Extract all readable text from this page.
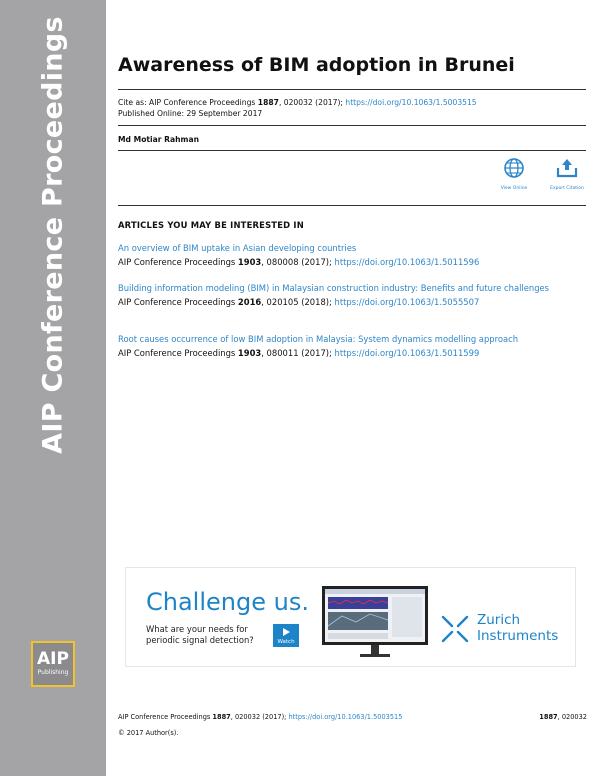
AIP Conference Proceedings
AIP
Publishing
Awareness of BIM adoption in Brunei
Cite as: AIP Conference Proceedings 1887, 020032 (2017); https://doi.org/10.1063/1.5003515
Published Online: 29 September 2017
Md Motiar Rahman
View Online	Export Citation
ARTICLES YOU MAY BE INTERESTED IN
An overview of BIM uptake in Asian developing countries
AIP Conference Proceedings 1903, 080008 (2017); https://doi.org/10.1063/1.5011596
Building information modeling (BIM) in Malaysian construction industry: Benefits and future challenges
AIP Conference Proceedings 2016, 020105 (2018); https://doi.org/10.1063/1.5055507
Root causes occurrence of low BIM adoption in Malaysia: System dynamics modelling approach
AIP Conference Proceedings 1903, 080011 (2017); https://doi.org/10.1063/1.5011599
Challenge us.
What are your needs for
periodic signal detection?	Watch
Zurich
Instruments
AIP Conference Proceedings 1887, 020032 (2017); https://doi.org/10.1063/1.5003515	1887, 020032
© 2017 Author(s).
